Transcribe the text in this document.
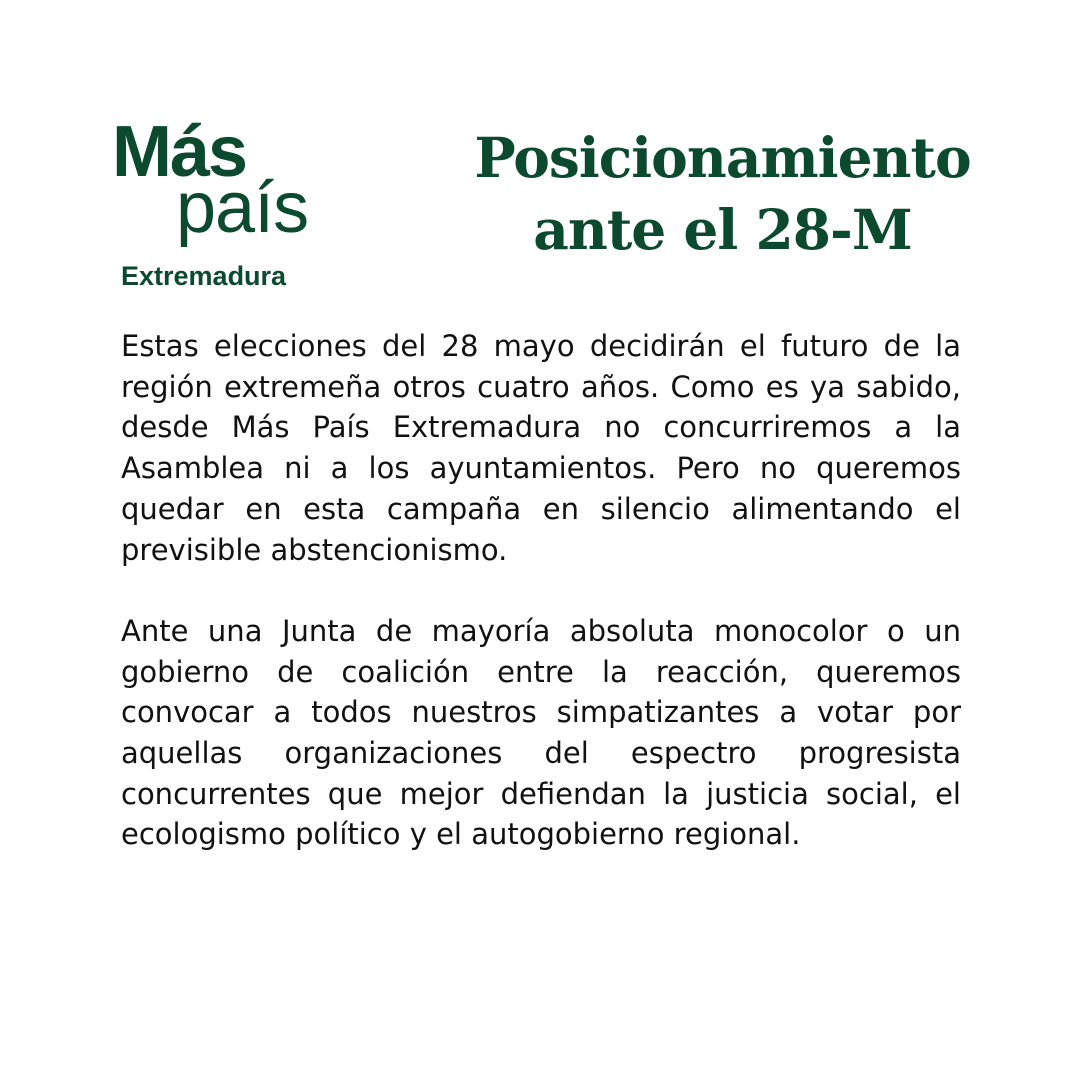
Más
país
Extremadura
Posicionamiento
ante el 28-M

Estas elecciones del 28 mayo decidirán el futuro de la región extremeña otros cuatro años. Como es ya sabido, desde Más País Extremadura no concurriremos a la Asamblea ni a los ayuntamientos. Pero no queremos quedar en esta campaña en silencio alimentando el previsible abstencionismo.

Ante una Junta de mayoría absoluta monocolor o un gobierno de coalición entre la reacción, queremos convocar a todos nuestros simpatizantes a votar por aquellas organizaciones del espectro progresista concurrentes que mejor defiendan la justicia social, el ecologismo político y el autogobierno regional.
